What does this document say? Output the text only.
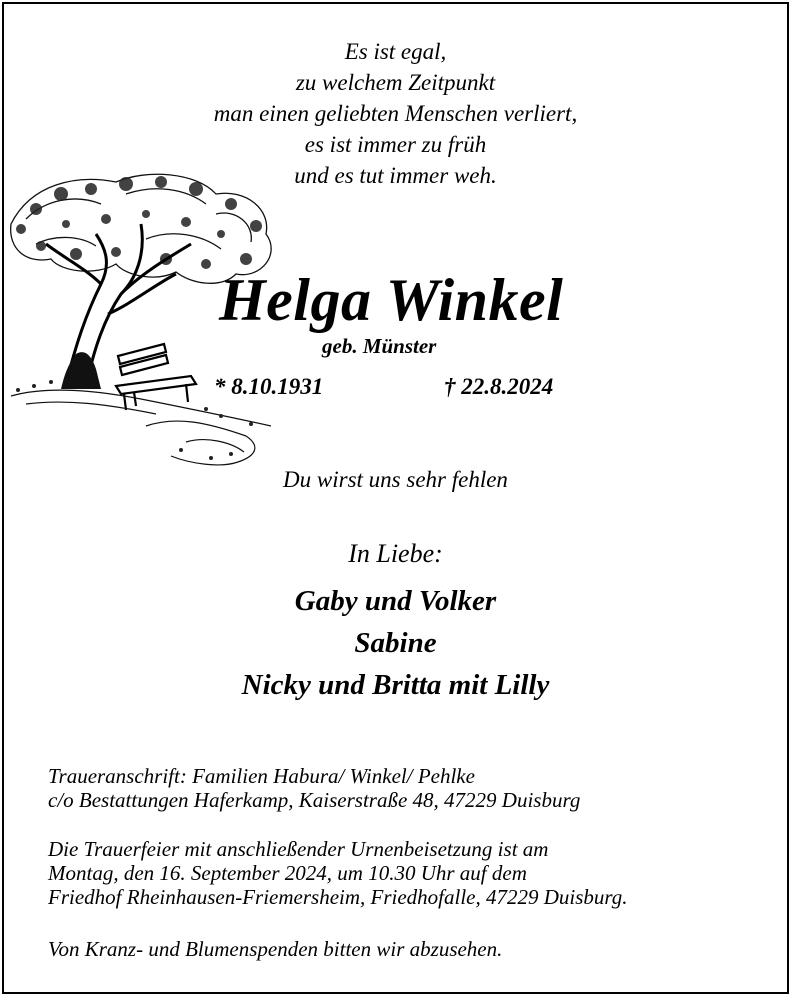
Es ist egal,
zu welchem Zeitpunkt
man einen geliebten Menschen verliert,
es ist immer zu früh
und es tut immer weh.
Helga Winkel
geb. Münster
* 8.10.1931	† 22.8.2024
Du wirst uns sehr fehlen
In Liebe:
Gaby und Volker
Sabine
Nicky und Britta mit Lilly
Traueranschrift: Familien Habura/ Winkel/ Pehlke
c/o Bestattungen Haferkamp, Kaiserstraße 48, 47229 Duisburg
Die Trauerfeier mit anschließender Urnenbeisetzung ist am
Montag, den 16. September 2024, um 10.30 Uhr auf dem
Friedhof Rheinhausen-Friemersheim, Friedhofalle, 47229 Duisburg.
Von Kranz- und Blumenspenden bitten wir abzusehen.
